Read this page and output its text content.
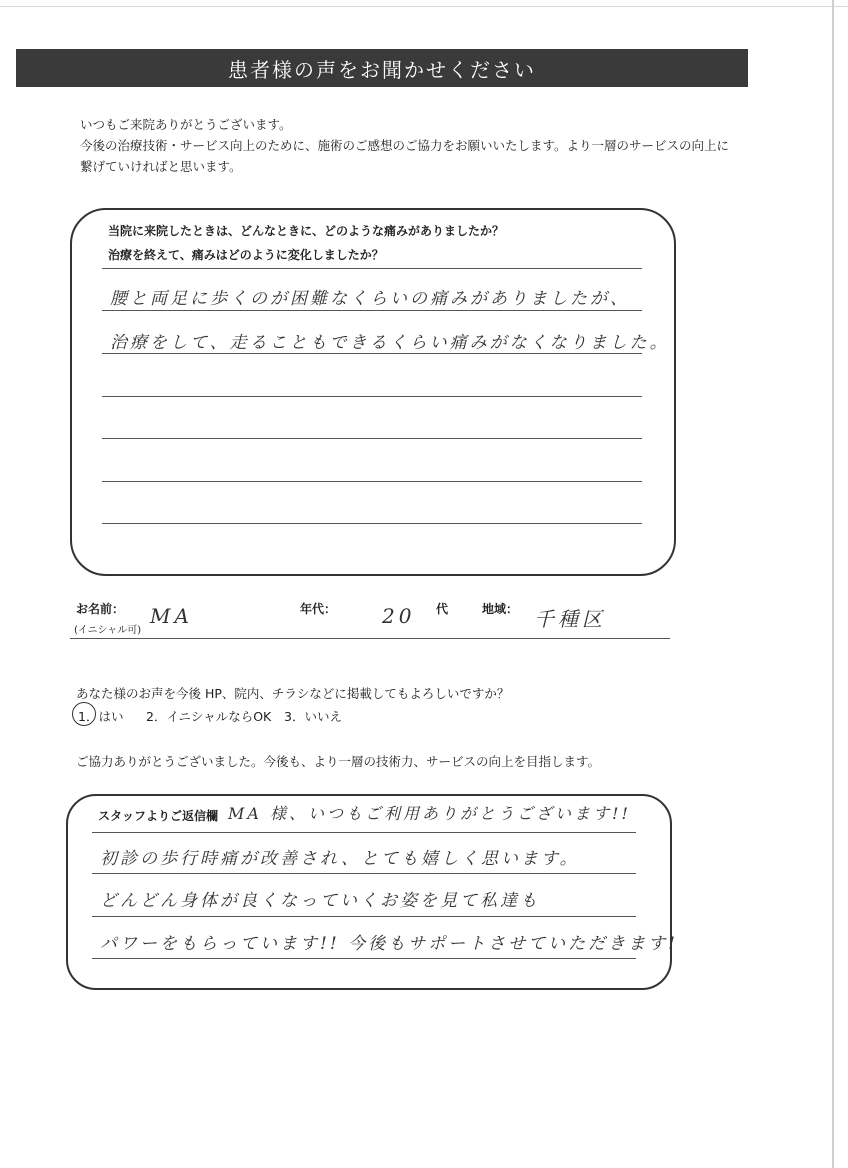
患者様の声をお聞かせください
いつもご来院ありがとうございます。
今後の治療技術・サービス向上のために、施術のご感想のご協力をお願いいたします。より一層のサービスの向上に
繋げていければと思います。
当院に来院したときは、どんなときに、どのような痛みがありましたか？
治療を終えて、痛みはどのように変化しましたか？
腰と両足に歩くのが困難なくらいの痛みがありましたが、
治療をして、走ることもできるくらい痛みがなくなりました。
お名前：
(イニシャル可)
MA	年代： 20 代	地域： 千種区
あなた様のお声を今後 HP、院内、チラシなどに掲載してもよろしいですか？
1．はい 2．イニシャルならOK 3．いいえ
ご協力ありがとうございました。今後も、より一層の技術力、サービスの向上を目指します。
スタッフよりご返信欄 MA 様、いつもご利用ありがとうございます!!
初診の歩行時痛が改善され、とても嬉しく思います。
どんどん身体が良くなっていくお姿を見て私達も
パワーをもらっています!! 今後もサポートさせていただきます!
